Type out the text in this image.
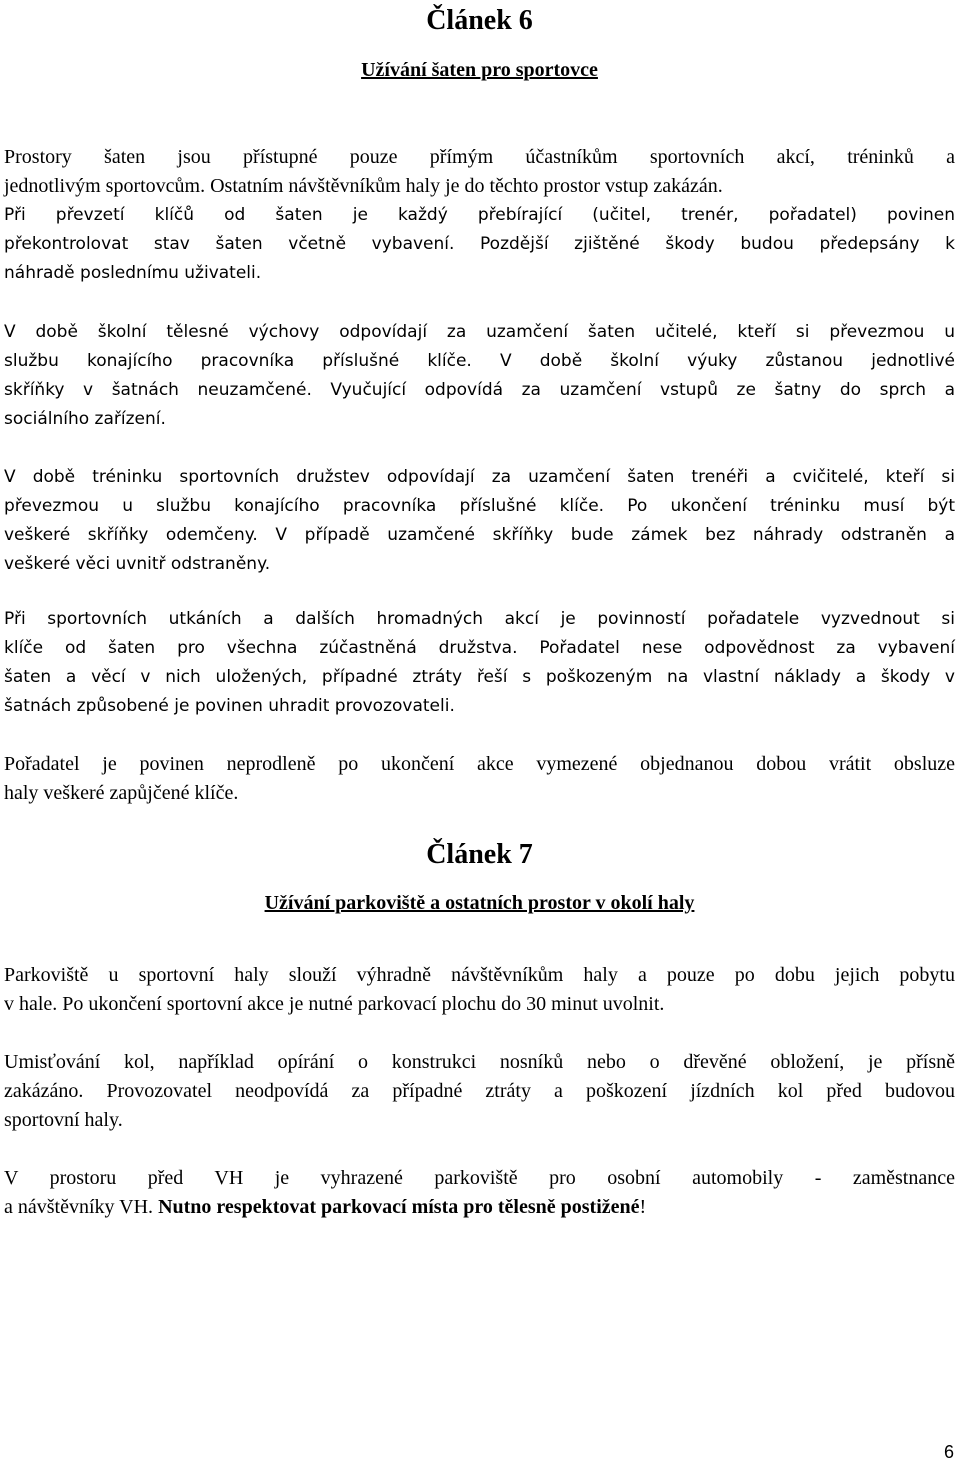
Článek 6
Užívání šaten pro sportovce

Prostory šaten jsou přístupné pouze přímým účastníkům sportovních akcí, tréninků a
jednotlivým sportovcům. Ostatním návštěvníkům haly je do těchto prostor vstup zakázán.
Při převzetí klíčů od šaten je každý přebírající (učitel, trenér, pořadatel) povinen
překontrolovat stav šaten včetně vybavení. Pozdější zjištěné škody budou předepsány k
náhradě poslednímu uživateli.

V době školní tělesné výchovy odpovídají za uzamčení šaten učitelé, kteří si převezmou u
službu konajícího pracovníka příslušné klíče. V době školní výuky zůstanou jednotlivé
skříňky v šatnách neuzamčené. Vyučující odpovídá za uzamčení vstupů ze šatny do sprch a
sociálního zařízení.

V době tréninku sportovních družstev odpovídají za uzamčení šaten trenéři a cvičitelé, kteří si
převezmou u službu konajícího pracovníka příslušné klíče. Po ukončení tréninku musí být
veškeré skříňky odemčeny. V případě uzamčené skříňky bude zámek bez náhrady odstraněn a
veškeré věci uvnitř odstraněny.

Při sportovních utkáních a dalších hromadných akcí je povinností pořadatele vyzvednout si
klíče od šaten pro všechna zúčastněná družstva. Pořadatel nese odpovědnost za vybavení
šaten a věcí v nich uložených, případné ztráty řeší s poškozeným na vlastní náklady a škody v
šatnách způsobené je povinen uhradit provozovateli.

Pořadatel je povinen neprodleně po ukončení akce vymezené objednanou dobou vrátit obsluze
haly veškeré zapůjčené klíče.

Článek 7
Užívání parkoviště a ostatních prostor v okolí haly

Parkoviště u sportovní haly slouží výhradně návštěvníkům haly a pouze po dobu jejich pobytu
v hale. Po ukončení sportovní akce je nutné parkovací plochu do 30 minut uvolnit.

Umisťování kol, například opírání o konstrukci nosníků nebo o dřevěné obložení, je přísně
zakázáno. Provozovatel neodpovídá za případné ztráty a poškození jízdních kol před budovou
sportovní haly.

V prostoru před VH je vyhrazené parkoviště pro osobní automobily - zaměstnance
a návštěvníky VH. Nutno respektovat parkovací místa pro tělesně postižené!

6
